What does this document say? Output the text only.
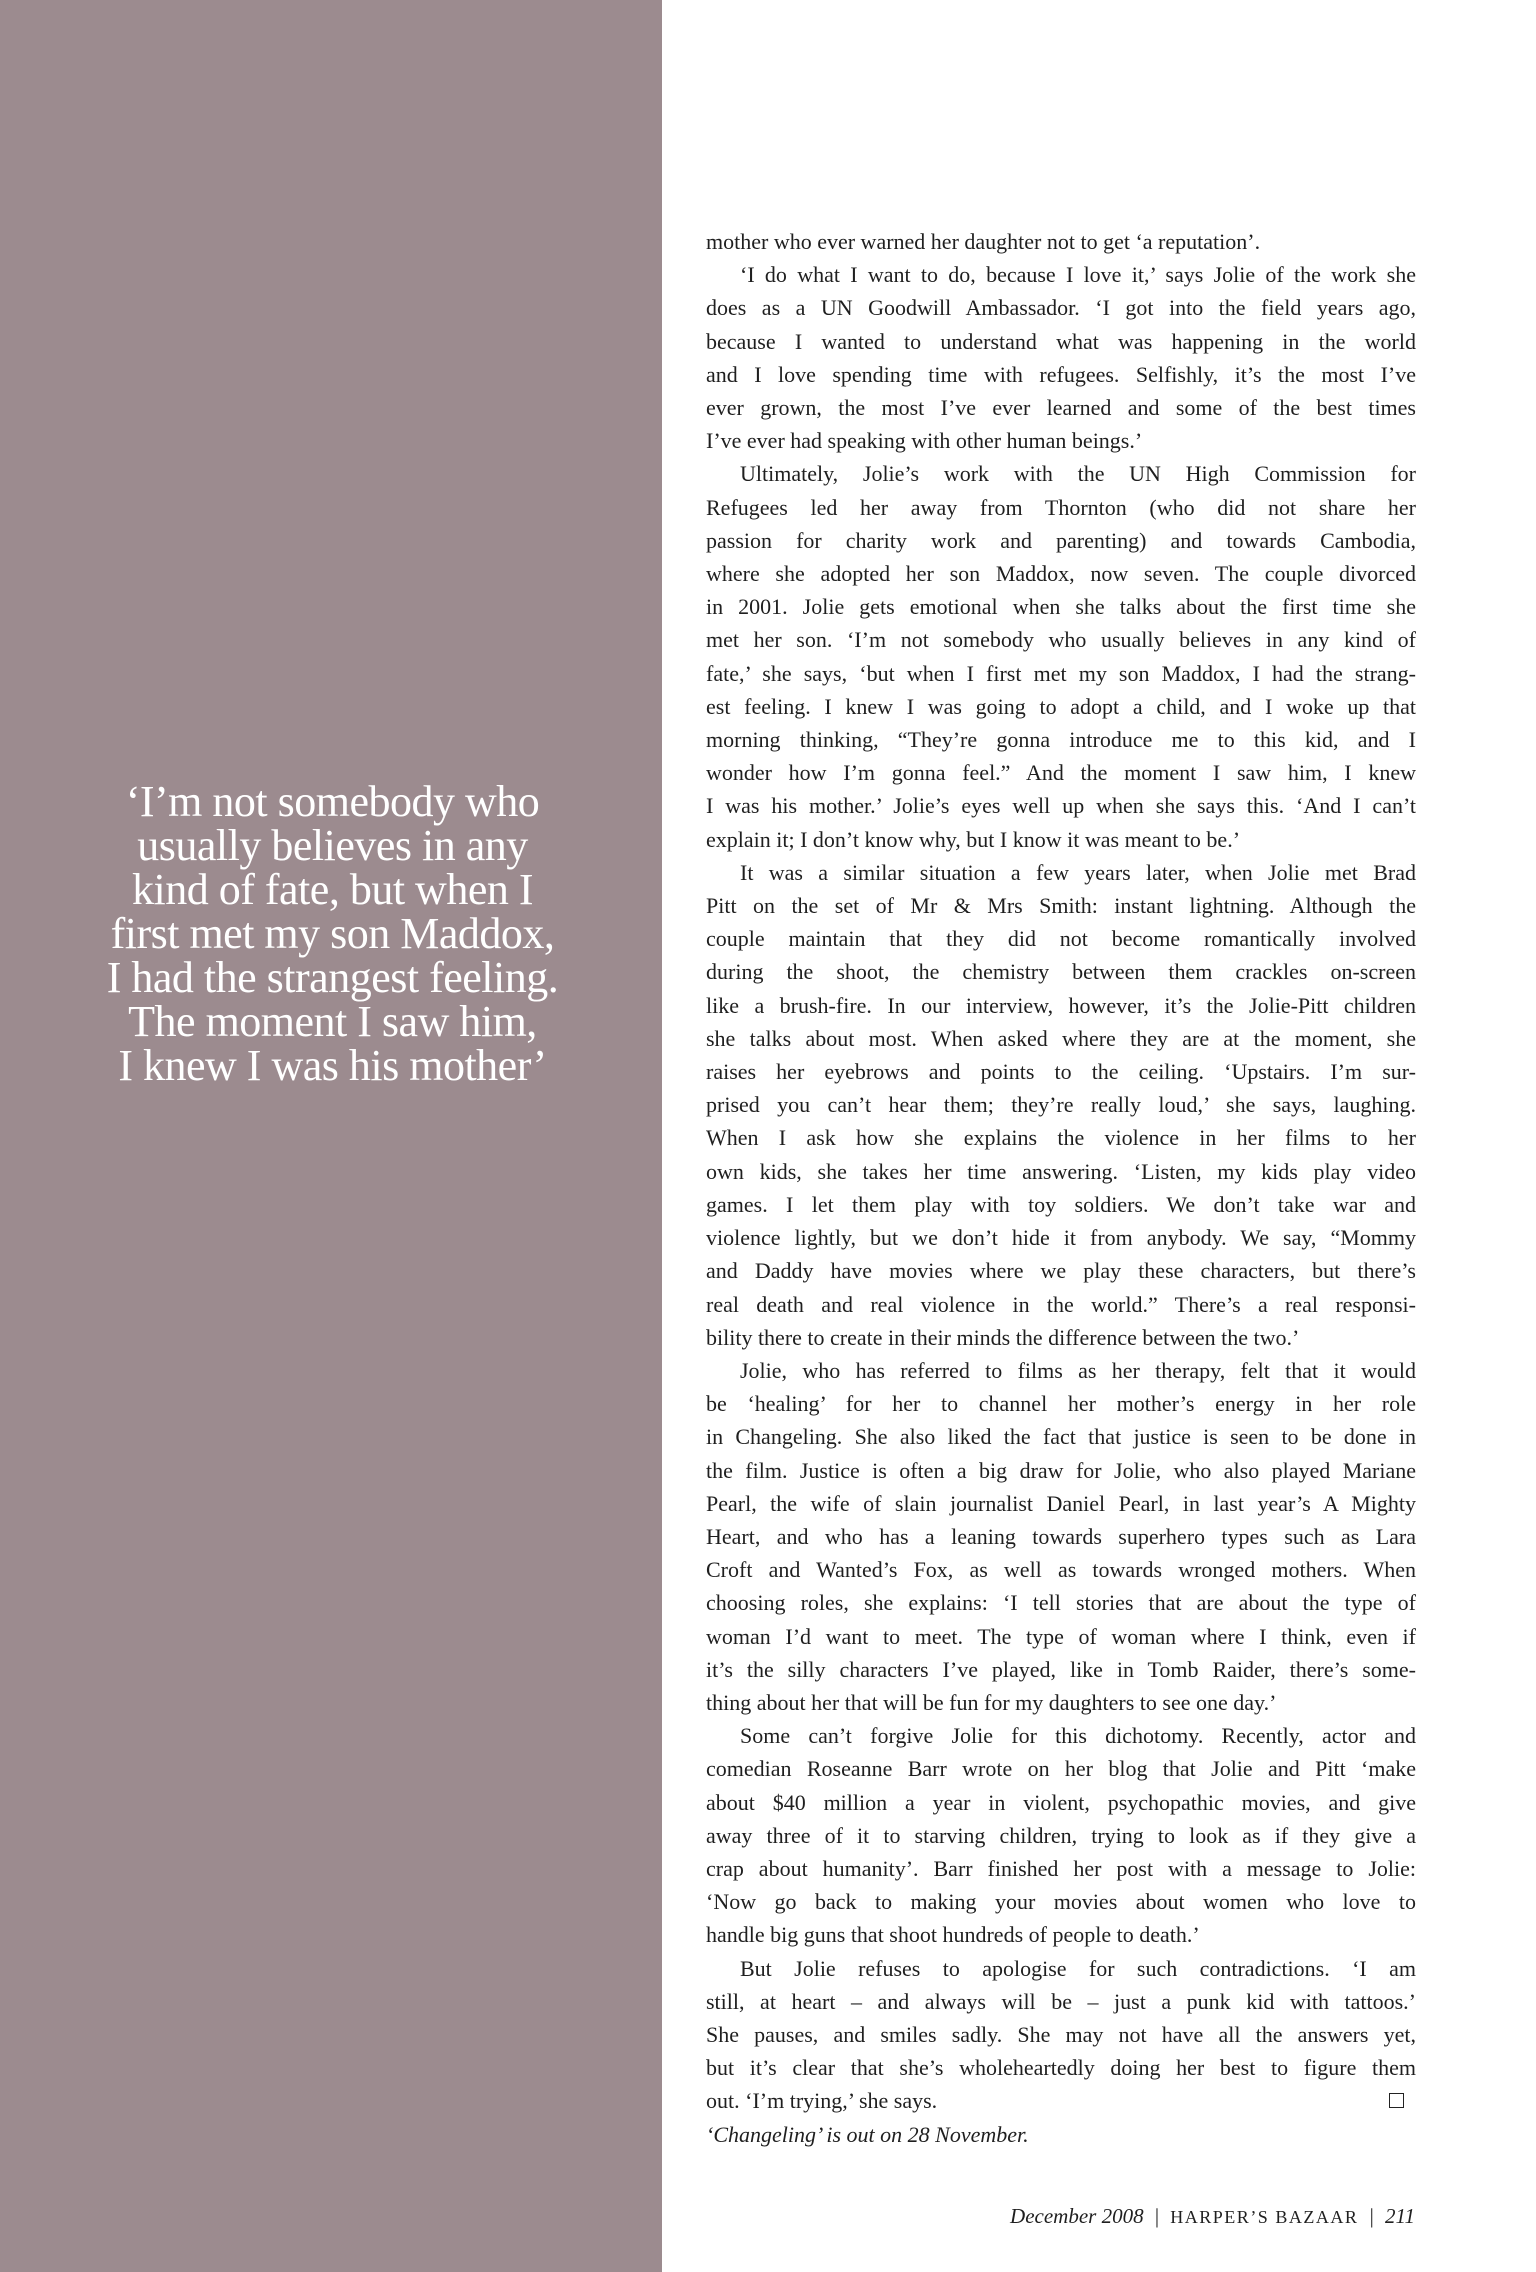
‘I’m not somebody who
usually believes in any
kind of fate, but when I
first met my son Maddox,
I had the strangest feeling.
The moment I saw him,
I knew I was his mother’
mother who ever warned her daughter not to get ‘a reputation’.
‘I do what I want to do, because I love it,’ says Jolie of the work she
does as a UN Goodwill Ambassador. ‘I got into the field years ago,
because I wanted to understand what was happening in the world
and I love spending time with refugees. Selfishly, it’s the most I’ve
ever grown, the most I’ve ever learned and some of the best times
I’ve ever had speaking with other human beings.’
Ultimately, Jolie’s work with the UN High Commission for
Refugees led her away from Thornton (who did not share her
passion for charity work and parenting) and towards Cambodia,
where she adopted her son Maddox, now seven. The couple divorced
in 2001. Jolie gets emotional when she talks about the first time she
met her son. ‘I’m not somebody who usually believes in any kind of
fate,’ she says, ‘but when I first met my son Maddox, I had the strang-
est feeling. I knew I was going to adopt a child, and I woke up that
morning thinking, “They’re gonna introduce me to this kid, and I
wonder how I’m gonna feel.” And the moment I saw him, I knew
I was his mother.’ Jolie’s eyes well up when she says this. ‘And I can’t
explain it; I don’t know why, but I know it was meant to be.’
It was a similar situation a few years later, when Jolie met Brad
Pitt on the set of Mr & Mrs Smith: instant lightning. Although the
couple maintain that they did not become romantically involved
during the shoot, the chemistry between them crackles on-screen
like a brush-fire. In our interview, however, it’s the Jolie-Pitt children
she talks about most. When asked where they are at the moment, she
raises her eyebrows and points to the ceiling. ‘Upstairs. I’m sur-
prised you can’t hear them; they’re really loud,’ she says, laughing.
When I ask how she explains the violence in her films to her
own kids, she takes her time answering. ‘Listen, my kids play video
games. I let them play with toy soldiers. We don’t take war and
violence lightly, but we don’t hide it from anybody. We say, “Mommy
and Daddy have movies where we play these characters, but there’s
real death and real violence in the world.” There’s a real responsi-
bility there to create in their minds the difference between the two.’
Jolie, who has referred to films as her therapy, felt that it would
be ‘healing’ for her to channel her mother’s energy in her role
in Changeling. She also liked the fact that justice is seen to be done in
the film. Justice is often a big draw for Jolie, who also played Mariane
Pearl, the wife of slain journalist Daniel Pearl, in last year’s A Mighty
Heart, and who has a leaning towards superhero types such as Lara
Croft and Wanted’s Fox, as well as towards wronged mothers. When
choosing roles, she explains: ‘I tell stories that are about the type of
woman I’d want to meet. The type of woman where I think, even if
it’s the silly characters I’ve played, like in Tomb Raider, there’s some-
thing about her that will be fun for my daughters to see one day.’
Some can’t forgive Jolie for this dichotomy. Recently, actor and
comedian Roseanne Barr wrote on her blog that Jolie and Pitt ‘make
about $40 million a year in violent, psychopathic movies, and give
away three of it to starving children, trying to look as if they give a
crap about humanity’. Barr finished her post with a message to Jolie:
‘Now go back to making your movies about women who love to
handle big guns that shoot hundreds of people to death.’
But Jolie refuses to apologise for such contradictions. ‘I am
still, at heart – and always will be – just a punk kid with tattoos.’
She pauses, and smiles sadly. She may not have all the answers yet,
but it’s clear that she’s wholeheartedly doing her best to figure them
out. ‘I’m trying,’ she says.
‘Changeling’ is out on 28 November.
December 2008 | HARPER’S BAZAAR | 211
